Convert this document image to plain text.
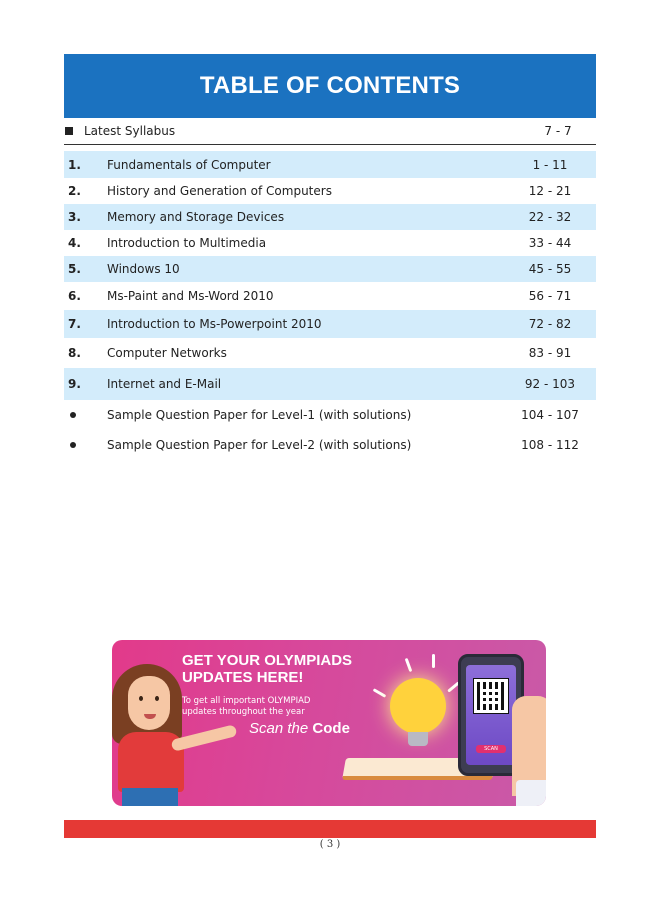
TABLE OF CONTENTS
Latest Syllabus	7 - 7
1.	Fundamentals of Computer	1 - 11
2.	History and Generation of Computers	12 - 21
3.	Memory and Storage Devices	22 - 32
4.	Introduction to Multimedia	33 - 44
5.	Windows 10	45 - 55
6.	Ms-Paint and Ms-Word 2010	56 - 71
7.	Introduction to Ms-Powerpoint 2010	72 - 82
8.	Computer Networks	83 - 91
9.	Internet and E-Mail	92 - 103
Sample Question Paper for Level-1 (with solutions)	104 - 107
Sample Question Paper for Level-2 (with solutions)	108 - 112
GET YOUR OLYMPIADS
UPDATES HERE!
To get all important OLYMPIAD
updates throughout the year
Scan the Code
SCAN
( 3 )
